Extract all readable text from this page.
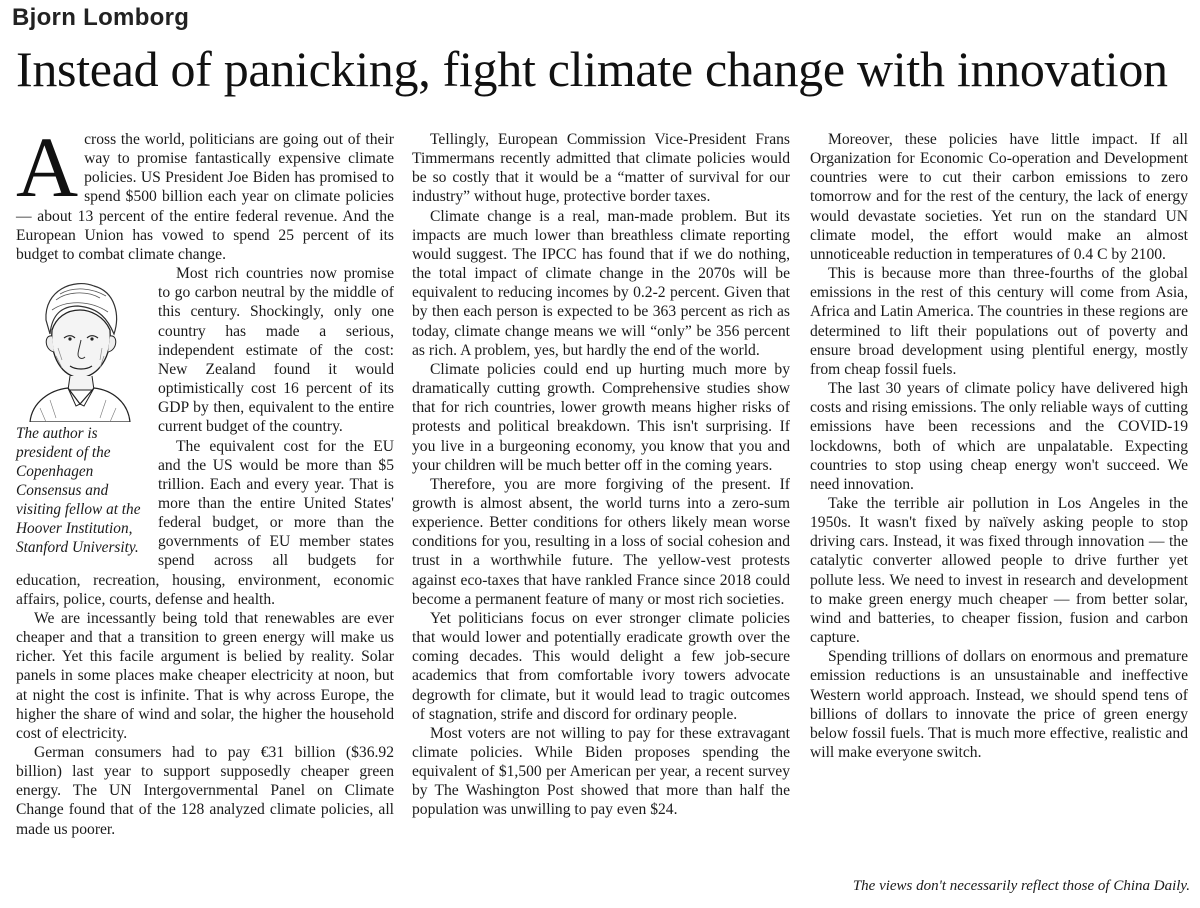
Bjorn Lomborg
Instead of panicking, fight climate change with innovation
A cross the world, politicians are going out of their way to promise fantastically expensive climate policies. US President Joe Biden has promised to spend $500 billion each year on climate policies — about 13 percent of the entire federal revenue. And the European Union has vowed to spend 25 percent of its budget to combat climate change.

The author is president of the Copenhagen Consensus and visiting fellow at the Hoover Institution, Stanford University.

Most rich countries now promise to go carbon neutral by the middle of this century. Shockingly, only one country has made a serious, independent estimate of the cost: New Zealand found it would optimistically cost 16 percent of its GDP by then, equivalent to the entire current budget of the country.

The equivalent cost for the EU and the US would be more than $5 trillion. Each and every year. That is more than the entire United States' federal budget, or more than the governments of EU member states spend across all budgets for education, recreation, housing, environment, economic affairs, police, courts, defense and health.

We are incessantly being told that renewables are ever cheaper and that a transition to green energy will make us richer. Yet this facile argument is belied by reality. Solar panels in some places make cheaper electricity at noon, but at night the cost is infinite. That is why across Europe, the higher the share of wind and solar, the higher the household cost of electricity.

German consumers had to pay €31 billion ($36.92 billion) last year to support supposedly cheaper green energy. The UN Intergovernmental Panel on Climate Change found that of the 128 analyzed climate policies, all made us poorer.

Tellingly, European Commission Vice-President Frans Timmermans recently admitted that climate policies would be so costly that it would be a “matter of survival for our industry” without huge, protective border taxes.

Climate change is a real, man-made problem. But its impacts are much lower than breathless climate reporting would suggest. The IPCC has found that if we do nothing, the total impact of climate change in the 2070s will be equivalent to reducing incomes by 0.2-2 percent. Given that by then each person is expected to be 363 percent as rich as today, climate change means we will “only” be 356 percent as rich. A problem, yes, but hardly the end of the world.

Climate policies could end up hurting much more by dramatically cutting growth. Comprehensive studies show that for rich countries, lower growth means higher risks of protests and political breakdown. This isn't surprising. If you live in a burgeoning economy, you know that you and your children will be much better off in the coming years.

Therefore, you are more forgiving of the present. If growth is almost absent, the world turns into a zero-sum experience. Better conditions for others likely mean worse conditions for you, resulting in a loss of social cohesion and trust in a worthwhile future. The yellow-vest protests against eco-taxes that have rankled France since 2018 could become a permanent feature of many or most rich societies.

Yet politicians focus on ever stronger climate policies that would lower and potentially eradicate growth over the coming decades. This would delight a few job-secure academics that from comfortable ivory towers advocate degrowth for climate, but it would lead to tragic outcomes of stagnation, strife and discord for ordinary people.

Most voters are not willing to pay for these extravagant climate policies. While Biden proposes spending the equivalent of $1,500 per American per year, a recent survey by The Washington Post showed that more than half the population was unwilling to pay even $24.

Moreover, these policies have little impact. If all Organization for Economic Co-operation and Development countries were to cut their carbon emissions to zero tomorrow and for the rest of the century, the lack of energy would devastate societies. Yet run on the standard UN climate model, the effort would make an almost unnoticeable reduction in temperatures of 0.4 C by 2100.

This is because more than three-fourths of the global emissions in the rest of this century will come from Asia, Africa and Latin America. The countries in these regions are determined to lift their populations out of poverty and ensure broad development using plentiful energy, mostly from cheap fossil fuels.

The last 30 years of climate policy have delivered high costs and rising emissions. The only reliable ways of cutting emissions have been recessions and the COVID-19 lockdowns, both of which are unpalatable. Expecting countries to stop using cheap energy won't succeed. We need innovation.

Take the terrible air pollution in Los Angeles in the 1950s. It wasn't fixed by naïvely asking people to stop driving cars. Instead, it was fixed through innovation — the catalytic converter allowed people to drive further yet pollute less. We need to invest in research and development to make green energy much cheaper — from better solar, wind and batteries, to cheaper fission, fusion and carbon capture.

Spending trillions of dollars on enormous and premature emission reductions is an unsustainable and ineffective Western world approach. Instead, we should spend tens of billions of dollars to innovate the price of green energy below fossil fuels. That is much more effective, realistic and will make everyone switch.

The views don't necessarily reflect those of China Daily.
